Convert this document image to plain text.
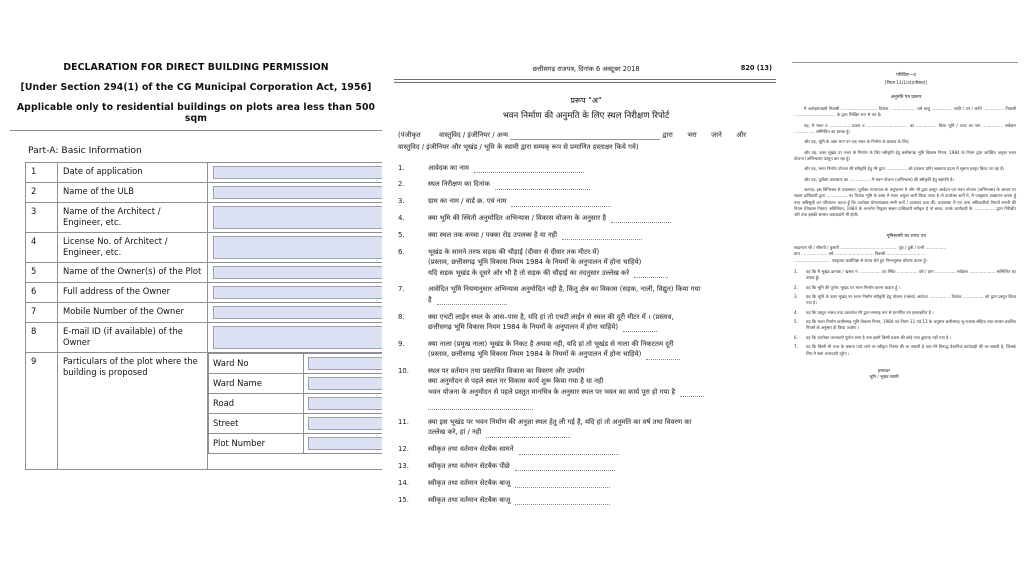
DECLARATION FOR DIRECT BUILDING PERMISSION
[Under Section 294(1) of the CG Municipal Corporation Act, 1956]
Applicable only to residential buildings on plots area less than 500 sqm
Part-A: Basic Information
1	Date of application	

2	Name of the ULB	

3	Name of the Architect / Engineer, etc.	

4	License No. of Architect / Engineer, etc.	

5	Name of the Owner(s) of the Plot	

6	Full address of the Owner	

7	Mobile Number of the Owner	

8	E-mail ID (if available) of the Owner	

9	Particulars of the plot where the building is proposed	
Ward No	

Ward Name	

Road	

Street	

Plot Number	
छत्तीसगढ़ राजपत्र, दिनांक 6 अक्टूबर 2018	820 (13)
प्ररूप "अ"
भवन निर्माण की अनुमति के लिए स्थल निरीक्षण रिपोर्ट
(पंजीकृत	वास्तुविद / इंजीनियर / अन्य	द्वारा भरा जाने और
वास्तुविद / इंजीनियर और भूखंड / भूमि के स्वामी द्वारा सम्यक् रूप से प्रमाणित हस्ताक्षर किये गये)
1.	आवेदक का नाम
2.	स्थल निरीक्षण का दिनांक
3.	ग्राम का नाम / वार्ड क्र. एवं नाम
4.	क्या भूमि की स्थिती अनुमोदित अभिन्यास / विकास योजना के अनुसार है
5.	क्या स्थल तक कच्चा / पक्का रोड उपलब्ध है या नही
6.	भूखंड के सामने तरफ सड़क की चौड़ाई (दीवार से दीवार तक मीटर में)
(प्रस्ताव, छत्तीसगढ़ भूमि विकास नियम 1984 के नियमों के अनुपालन में होना चाहिये)
यदि सड़क भूखंड के दूसरे ओर भी है तो सड़क की चौड़ाई का तदनुसार उल्लेख करे
7.	आवेदित भूमि नियमानुसार अभिन्यास अनुमोदित नही है, किंतु क्षेत्र का विकास (सड़क, नाली, विद्युत) किया गया
है
8.	क्या एचटी लाईन स्थल के आस–पास है, यदि हां तो एचटी लाईन से स्थल की दूरी मीटर में । (प्रस्ताव,
छत्तीसगढ़ भूमि विकास नियम 1984 के नियमों के अनुपालन में होना चाहिये)
9.	क्या नाला (प्रमुख नाला) भूखंड के निकट है अथवा नही, यदि हां तो भूखंड से नाला की निकटतम दूरी
(प्रस्ताव, छत्तीसगढ़ भूमि विकास नियम 1984 के नियमों के अनुपालन में होना चाहिये)
10.	स्थल पर वर्तमान तथा प्रस्तावित विकास का विवरण और उपयोग
क्या अनुमोदन से पहले स्थल पर विकास कार्य शुरू किया गया है या नही
भवन योजना के अनुमोदन से पहले प्रस्तुत मानचित्र के अनुसार स्थल पर भवन का कार्य पूरा हो गया है
11.	क्या इस भूखंड पर भवन निर्माण की अनुज्ञा स्थल हेतु ली गई है, यदि हां तो अनुमति का वर्ष तथा विवरण का
उल्लेख करे, हां / नही
12.	स्वीकृत तथा वर्तमान सेटबैक सामने
13.	स्वीकृत तथा वर्तमान सेटबैक पीछे
14.	स्वीकृत तथा वर्तमान सेटबैक बाजू
15.	स्वीकृत तथा वर्तमान सेटबैक बाजू
परिशिष्ट—द
[नियम 11(1)(द)(तीसरा)]
अनुमति पत्र प्रारूप

मै अधोहस्ताक्षरी निवासी ............................ दिनांक .................... वर्ष आयु ................ जाति / उप / जाति ................ निवासी ................................ के द्वारा लिखित रूप से कर है।

यह, मै भवन व ................ प्रकार व ................................ का ................ किया भूमि / प्लाट का नाम ................ सर्वेक्षण ................ सम्मिलित का धारक हूँ।

और यह, भूमि के उक्त भाग पर एक भवन के निर्माण के प्रस्ताव के लिए;

और यह, उक्त भूखंड पर भवन के निर्माण के लिए स्वीकृति हेतु छत्तीसगढ़ भूमि विकास नियम, 1984 के नियम द्वारा अपेक्षित अनुज्ञा भवन योजना (अभिन्यास) प्रस्तुत कर रहा हूँ।

और यह, भवन निर्माण योजना की स्वीकृति हेतु मेरे द्वारा ................ को (प्रारूप प्रति) सक्षमता प्रदान में सूचना प्रस्तुत किया जा रहा है।

और यह, पूर्वोक्त उपबंधना का ................ में भवन योजना (अभिन्यास) की स्वीकृति हेतु सहमति है।

अतएव, इस विनिश्चय से यथास्थान, पूर्वोक्त राज्यपाल के अनुपालन में और भी द्वारा प्रस्तुत आवेदन एवं भवन योजना (अभिन्यास) के आधार पर सक्षम प्राधिकारी द्वारा ................ पर दिनांक भूमि के बाधा में भवन अनुज्ञा जारी किया जाता है तो उपरोक्त शर्तों में, मै एतद्द्वारा उपक्रमण करता हूँ तथा अधिसूची का परिपालन करता हूँ कि उपरोक्त घोषणापत्रक सभी शर्तो / उपबंधन दशा की, यथावस्था में एवं अन्य अधिकारियों नियमों स्थानी की नियम (विकास नियम) अधिनियम, 1984 के अन्तर्गत नियुक्त सक्षम प्राधिकारी स्वीकृत है तो बाध्य, उनके कार्यवाही के ................ द्वारा निरीक्षी) जोरे तथा इसकी समस्त जवाबदारी भी होगी।

भूमिस्वामी का शपथ पत्र
स्वप्रमाण श्री / श्रीमती / कुमारी ............................................ पुत्र / पुत्री / पत्नी ................
ग्राम .................... वर्ष .............................. निवासी ..............................
............................ एतद्द्वारा कार्यनिष्ठा से शपथ लेते हुए निम्नानुसार घोषणा करता हूँ:-
1.	यह कि मै भूखंड क्रमांक / खसरा नं. ................ का स्थित ................ वर्ष / ग्राम ................ सर्वेक्षण .................... सम्मिलित का धारक हूँ।
2.	यह कि भूमि की पूर्णतः भूखंड पर भवन निर्माण करना चाहता हूँ ।
3.	यह कि भूमि के उक्त भूखंड पर भवन निर्माण स्वीकृति हेतु योजना (नक्शा) आवेदन ................ दिनांक ................ को द्वारा प्रस्तुत किया गया है।
4.	यह कि प्रस्तुत नक्शा तथा दस्तावेज मेरे द्वारा सम्यक् रूप से प्रमाणित एवं हस्ताक्षरित है ।
5.	यह कि भवन निर्माण छत्तीसगढ़ भूमि विकास नियम, 1984 एवं नियम 11 एवं 13 के अनुसार छत्तीसगढ़ भू-राजस्व संहिता तथा समस्त प्रचलित नियमों के अनुसार ही किया जावेगा ।
6.	यह कि उपरोक्त जानकारी पूर्णतः सत्य है तथा इसमें किसी प्रकार की कोई तथ्य छुपाया नहीं गया है ।
7.	यह कि किसी भी तथ्य के असत्य पाये जाने पर स्वीकृत निरस्त की जा सकती है तथा मेरे विरूद्ध वैधानिक कार्यवाही की जा सकती है, जिसके लिए मै स्वयं उत्तरदायी रहूँगा ।
हस्ताक्षर
भूमि / भूखंड स्वामी
